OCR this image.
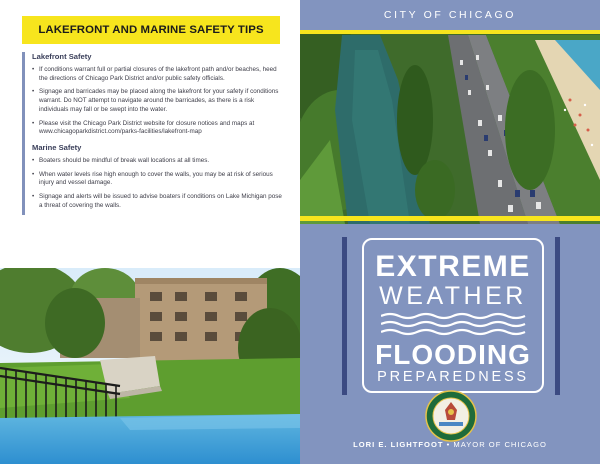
LAKEFRONT AND MARINE SAFETY TIPS
Lakefront Safety
• If conditions warrant full or partial closures of the lakefront path and/or beaches, heed the directions of Chicago Park District and/or public safety officials.
• Signage and barricades may be placed along the lakefront for your safety if conditions warrant. Do NOT attempt to navigate around the barricades, as there is a risk individuals may fall or be swept into the water.
• Please visit the Chicago Park District website for closure notices and maps at www.chicagoparkdistrict.com/parks-facilities/lakefront-map
Marine Safety
• Boaters should be mindful of break wall locations at all times.
• When water levels rise high enough to cover the walls, you may be at risk of serious injury and vessel damage.
• Signage and alerts will be issued to advise boaters if conditions on Lake Michigan pose a threat of covering the walls.
CITY OF CHICAGO
EXTREME
WEATHER
FLOODING
PREPAREDNESS
LORI E. LIGHTFOOT • MAYOR OF CHICAGO
